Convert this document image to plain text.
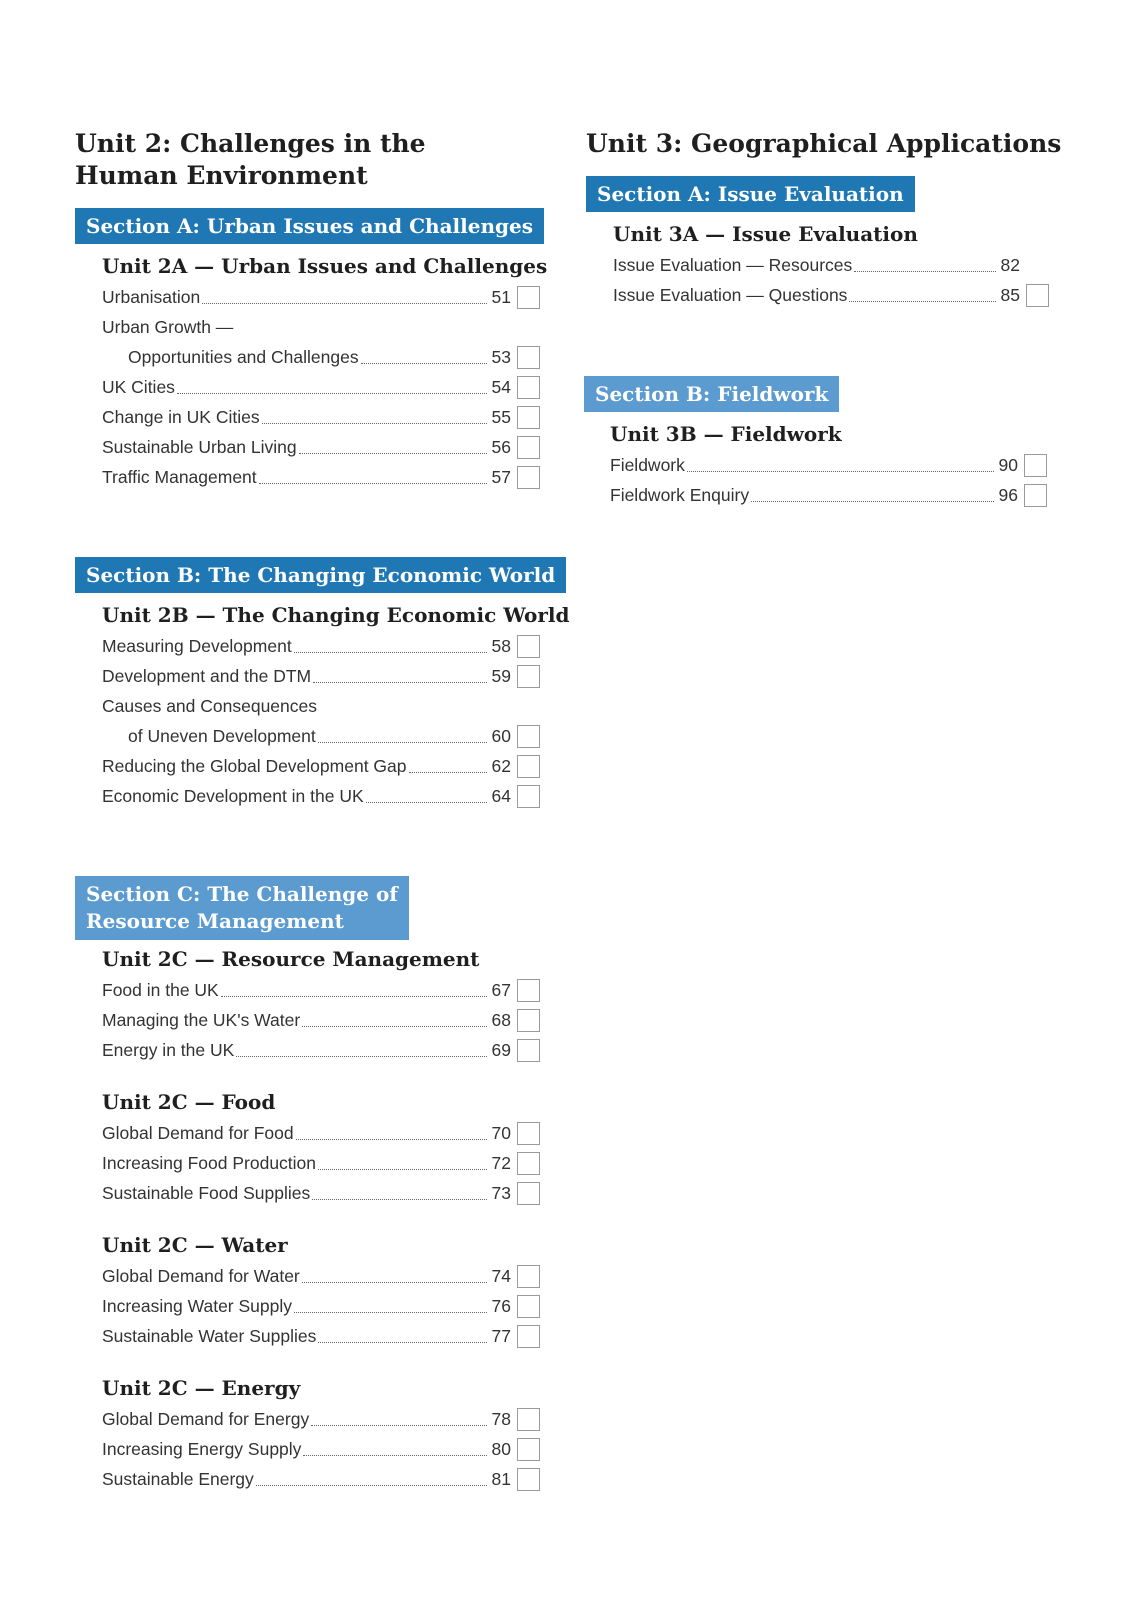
Unit 2: Challenges in the
Human Environment
Section A: Urban Issues and Challenges
Unit 2A — Urban Issues and Challenges
Urbanisation	51
Urban Growth —
Opportunities and Challenges	53
UK Cities	54
Change in UK Cities	55
Sustainable Urban Living	56
Traffic Management	57
Section B: The Changing Economic World
Unit 2B — The Changing Economic World
Measuring Development	58
Development and the DTM	59
Causes and Consequences
of Uneven Development	60
Reducing the Global Development Gap	62
Economic Development in the UK	64
Section C: The Challenge of
Resource Management
Unit 2C — Resource Management
Food in the UK	67
Managing the UK's Water	68
Energy in the UK	69
Unit 2C — Food
Global Demand for Food	70
Increasing Food Production	72
Sustainable Food Supplies	73
Unit 2C — Water
Global Demand for Water	74
Increasing Water Supply	76
Sustainable Water Supplies	77
Unit 2C — Energy
Global Demand for Energy	78
Increasing Energy Supply	80
Sustainable Energy	81
Unit 3: Geographical Applications
Section A: Issue Evaluation
Unit 3A — Issue Evaluation
Issue Evaluation — Resources	82
Issue Evaluation — Questions	85
Section B: Fieldwork
Unit 3B — Fieldwork
Fieldwork	90
Fieldwork Enquiry	96
